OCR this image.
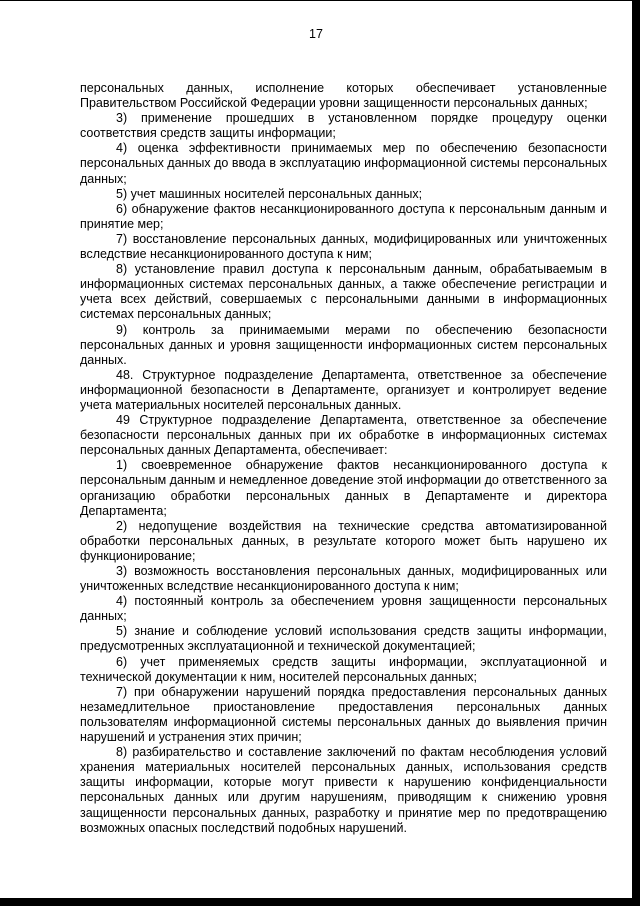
17

персональных данных, исполнение которых обеспечивает установленные Правительством Российской Федерации уровни защищенности персональных данных;

3) применение прошедших в установленном порядке процедуру оценки соответствия средств защиты информации;

4) оценка эффективности принимаемых мер по обеспечению безопасности персональных данных до ввода в эксплуатацию информационной системы персональных данных;

5) учет машинных носителей персональных данных;

6) обнаружение фактов несанкционированного доступа к персональным данным и принятие мер;

7) восстановление персональных данных, модифицированных или уничтоженных вследствие несанкционированного доступа к ним;

8) установление правил доступа к персональным данным, обрабатываемым в информационных системах персональных данных, а также обеспечение регистрации и учета всех действий, совершаемых с персональными данными в информационных системах персональных данных;

9) контроль за принимаемыми мерами по обеспечению безопасности персональных данных и уровня защищенности информационных систем персональных данных.

48. Структурное подразделение Департамента, ответственное за обеспечение информационной безопасности в Департаменте, организует и контролирует ведение учета материальных носителей персональных данных.

49 Структурное подразделение Департамента, ответственное за обеспечение безопасности персональных данных при их обработке в информационных системах персональных данных Департамента, обеспечивает:

1) своевременное обнаружение фактов несанкционированного доступа к персональным данным и немедленное доведение этой информации до ответственного за организацию обработки персональных данных в Департаменте и директора Департамента;

2) недопущение воздействия на технические средства автоматизированной обработки персональных данных, в результате которого может быть нарушено их функционирование;

3) возможность восстановления персональных данных, модифицированных или уничтоженных вследствие несанкционированного доступа к ним;

4) постоянный контроль за обеспечением уровня защищенности персональных данных;

5) знание и соблюдение условий использования средств защиты информации, предусмотренных эксплуатационной и технической документацией;

6) учет применяемых средств защиты информации, эксплуатационной и технической документации к ним, носителей персональных данных;

7) при обнаружении нарушений порядка предоставления персональных данных незамедлительное приостановление предоставления персональных данных пользователям информационной системы персональных данных до выявления причин нарушений и устранения этих причин;

8) разбирательство и составление заключений по фактам несоблюдения условий хранения материальных носителей персональных данных, использования средств защиты информации, которые могут привести к нарушению конфиденциальности персональных данных или другим нарушениям, приводящим к снижению уровня защищенности персональных данных, разработку и принятие мер по предотвращению возможных опасных последствий подобных нарушений.
